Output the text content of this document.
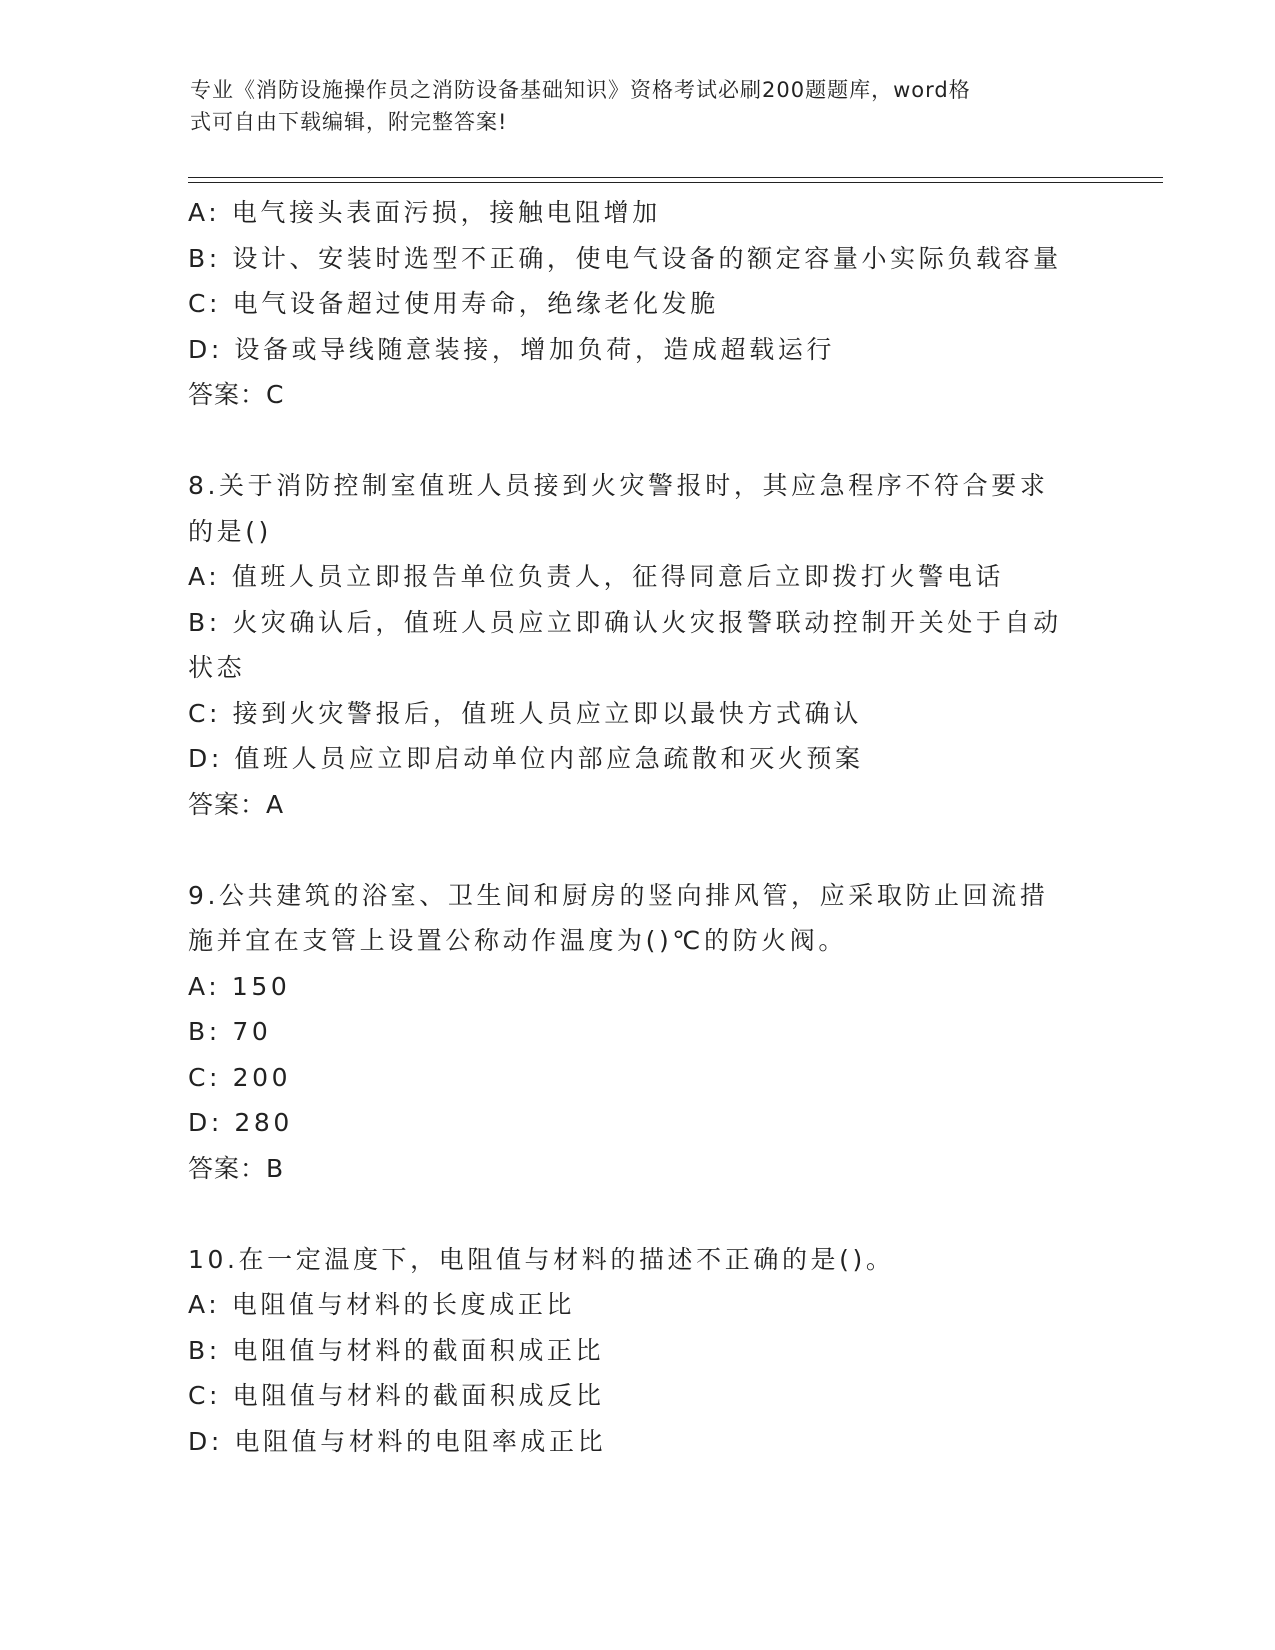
专业《消防设施操作员之消防设备基础知识》资格考试必刷200题题库，word格
式可自由下载编辑，附完整答案!
A: 电气接头表面污损，接触电阻增加
B: 设计、安装时选型不正确，使电气设备的额定容量小实际负载容量
C: 电气设备超过使用寿命，绝缘老化发脆
D: 设备或导线随意装接，增加负荷，造成超载运行
答案：C
8.关于消防控制室值班人员接到火灾警报时，其应急程序不符合要求
的是()
A: 值班人员立即报告单位负责人，征得同意后立即拨打火警电话
B: 火灾确认后，值班人员应立即确认火灾报警联动控制开关处于自动
状态
C: 接到火灾警报后，值班人员应立即以最快方式确认
D: 值班人员应立即启动单位内部应急疏散和灭火预案
答案：A
9.公共建筑的浴室、卫生间和厨房的竖向排风管，应采取防止回流措
施并宜在支管上设置公称动作温度为()℃的防火阀。
A: 150
B: 70
C: 200
D: 280
答案：B
10.在一定温度下，电阻值与材料的描述不正确的是()。
A: 电阻值与材料的长度成正比
B: 电阻值与材料的截面积成正比
C: 电阻值与材料的截面积成反比
D: 电阻值与材料的电阻率成正比
